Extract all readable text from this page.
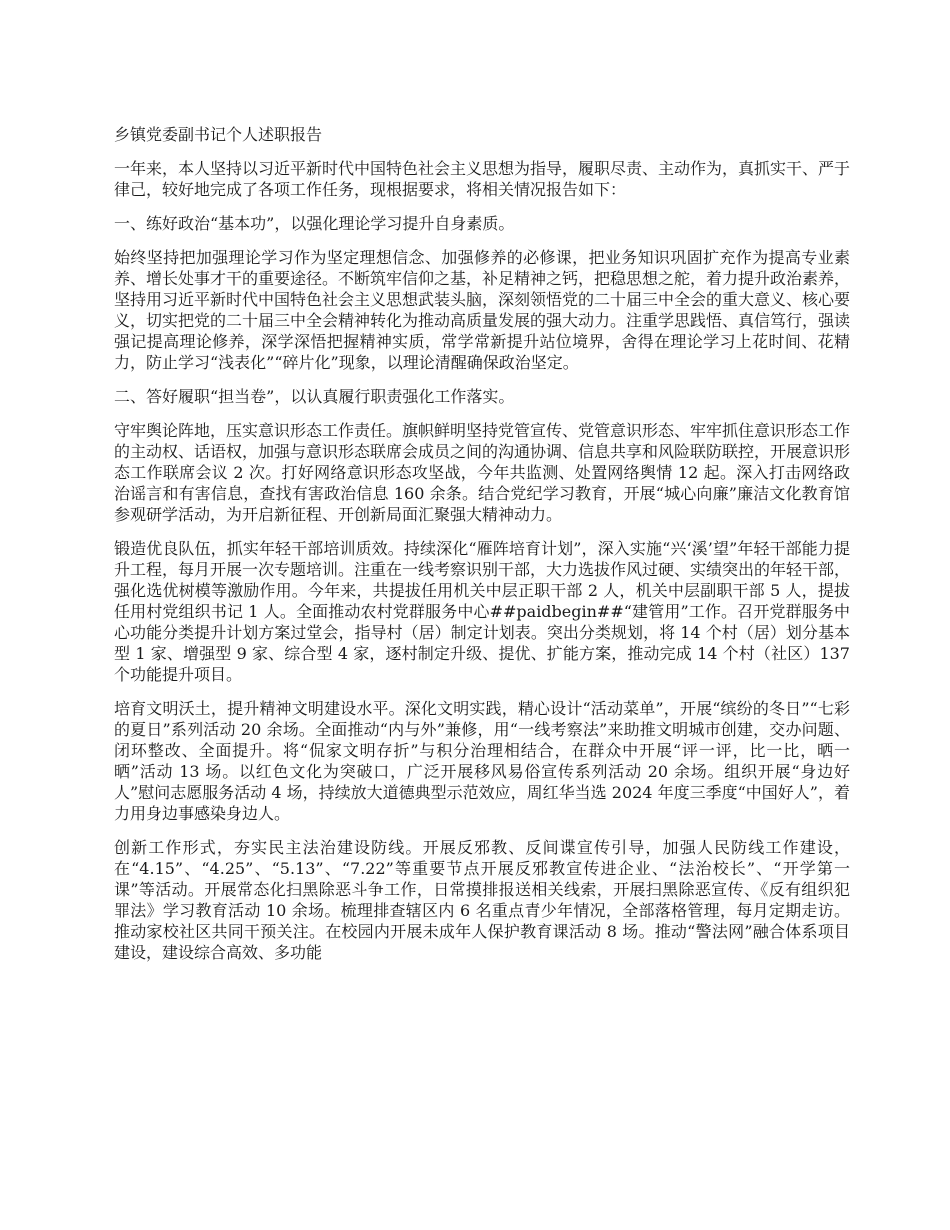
乡镇党委副书记个人述职报告
一年来，本人坚持以习近平新时代中国特色社会主义思想为指导，履职尽责、主动作为，真抓实干、严于律己，较好地完成了各项工作任务，现根据要求，将相关情况报告如下：
一、练好政治“基本功”，以强化理论学习提升自身素质。
始终坚持把加强理论学习作为坚定理想信念、加强修养的必修课，把业务知识巩固扩充作为提高专业素养、增长处事才干的重要途径。不断筑牢信仰之基，补足精神之钙，把稳思想之舵，着力提升政治素养，坚持用习近平新时代中国特色社会主义思想武装头脑，深刻领悟党的二十届三中全会的重大意义、核心要义，切实把党的二十届三中全会精神转化为推动高质量发展的强大动力。注重学思践悟、真信笃行，强读强记提高理论修养，深学深悟把握精神实质，常学常新提升站位境界，舍得在理论学习上花时间、花精力，防止学习“浅表化”“碎片化”现象，以理论清醒确保政治坚定。
二、答好履职“担当卷”，以认真履行职责强化工作落实。
守牢舆论阵地，压实意识形态工作责任。旗帜鲜明坚持党管宣传、党管意识形态、牢牢抓住意识形态工作的主动权、话语权，加强与意识形态联席会成员之间的沟通协调、信息共享和风险联防联控，开展意识形态工作联席会议 2 次。打好网络意识形态攻坚战，今年共监测、处置网络舆情 12 起。深入打击网络政治谣言和有害信息，查找有害政治信息 160 余条。结合党纪学习教育，开展“城心向廉”廉洁文化教育馆参观研学活动，为开启新征程、开创新局面汇聚强大精神动力。
锻造优良队伍，抓实年轻干部培训质效。持续深化“雁阵培育计划”，深入实施“兴‘溪’望”年轻干部能力提升工程，每月开展一次专题培训。注重在一线考察识别干部，大力选拔作风过硬、实绩突出的年轻干部，强化选优树模等激励作用。今年来，共提拔任用机关中层正职干部 2 人，机关中层副职干部 5 人，提拔任用村党组织书记 1 人。全面推动农村党群服务中心##paidbegin##“建管用”工作。召开党群服务中心功能分类提升计划方案过堂会，指导村（居）制定计划表。突出分类规划，将 14 个村（居）划分基本型 1 家、增强型 9 家、综合型 4 家，逐村制定升级、提优、扩能方案，推动完成 14 个村（社区）137 个功能提升项目。
培育文明沃土，提升精神文明建设水平。深化文明实践，精心设计“活动菜单”，开展“缤纷的冬日”“七彩的夏日”系列活动 20 余场。全面推动“内与外”兼修，用“一线考察法”来助推文明城市创建，交办问题、闭环整改、全面提升。将“侃家文明存折”与积分治理相结合，在群众中开展“评一评，比一比，晒一晒”活动 13 场。以红色文化为突破口，广泛开展移风易俗宣传系列活动 20 余场。组织开展“身边好人”慰问志愿服务活动 4 场，持续放大道德典型示范效应，周红华当选 2024 年度三季度“中国好人”，着力用身边事感染身边人。
创新工作形式，夯实民主法治建设防线。开展反邪教、反间谍宣传引导，加强人民防线工作建设，在“4.15”、“4.25”、“5.13”、“7.22”等重要节点开展反邪教宣传进企业、“法治校长”、“开学第一课”等活动。开展常态化扫黑除恶斗争工作，日常摸排报送相关线索，开展扫黑除恶宣传、《反有组织犯罪法》学习教育活动 10 余场。梳理排查辖区内 6 名重点青少年情况，全部落格管理，每月定期走访。推动家校社区共同干预关注。在校园内开展未成年人保护教育课活动 8 场。推动“警法网”融合体系项目建设，建设综合高效、多功能
